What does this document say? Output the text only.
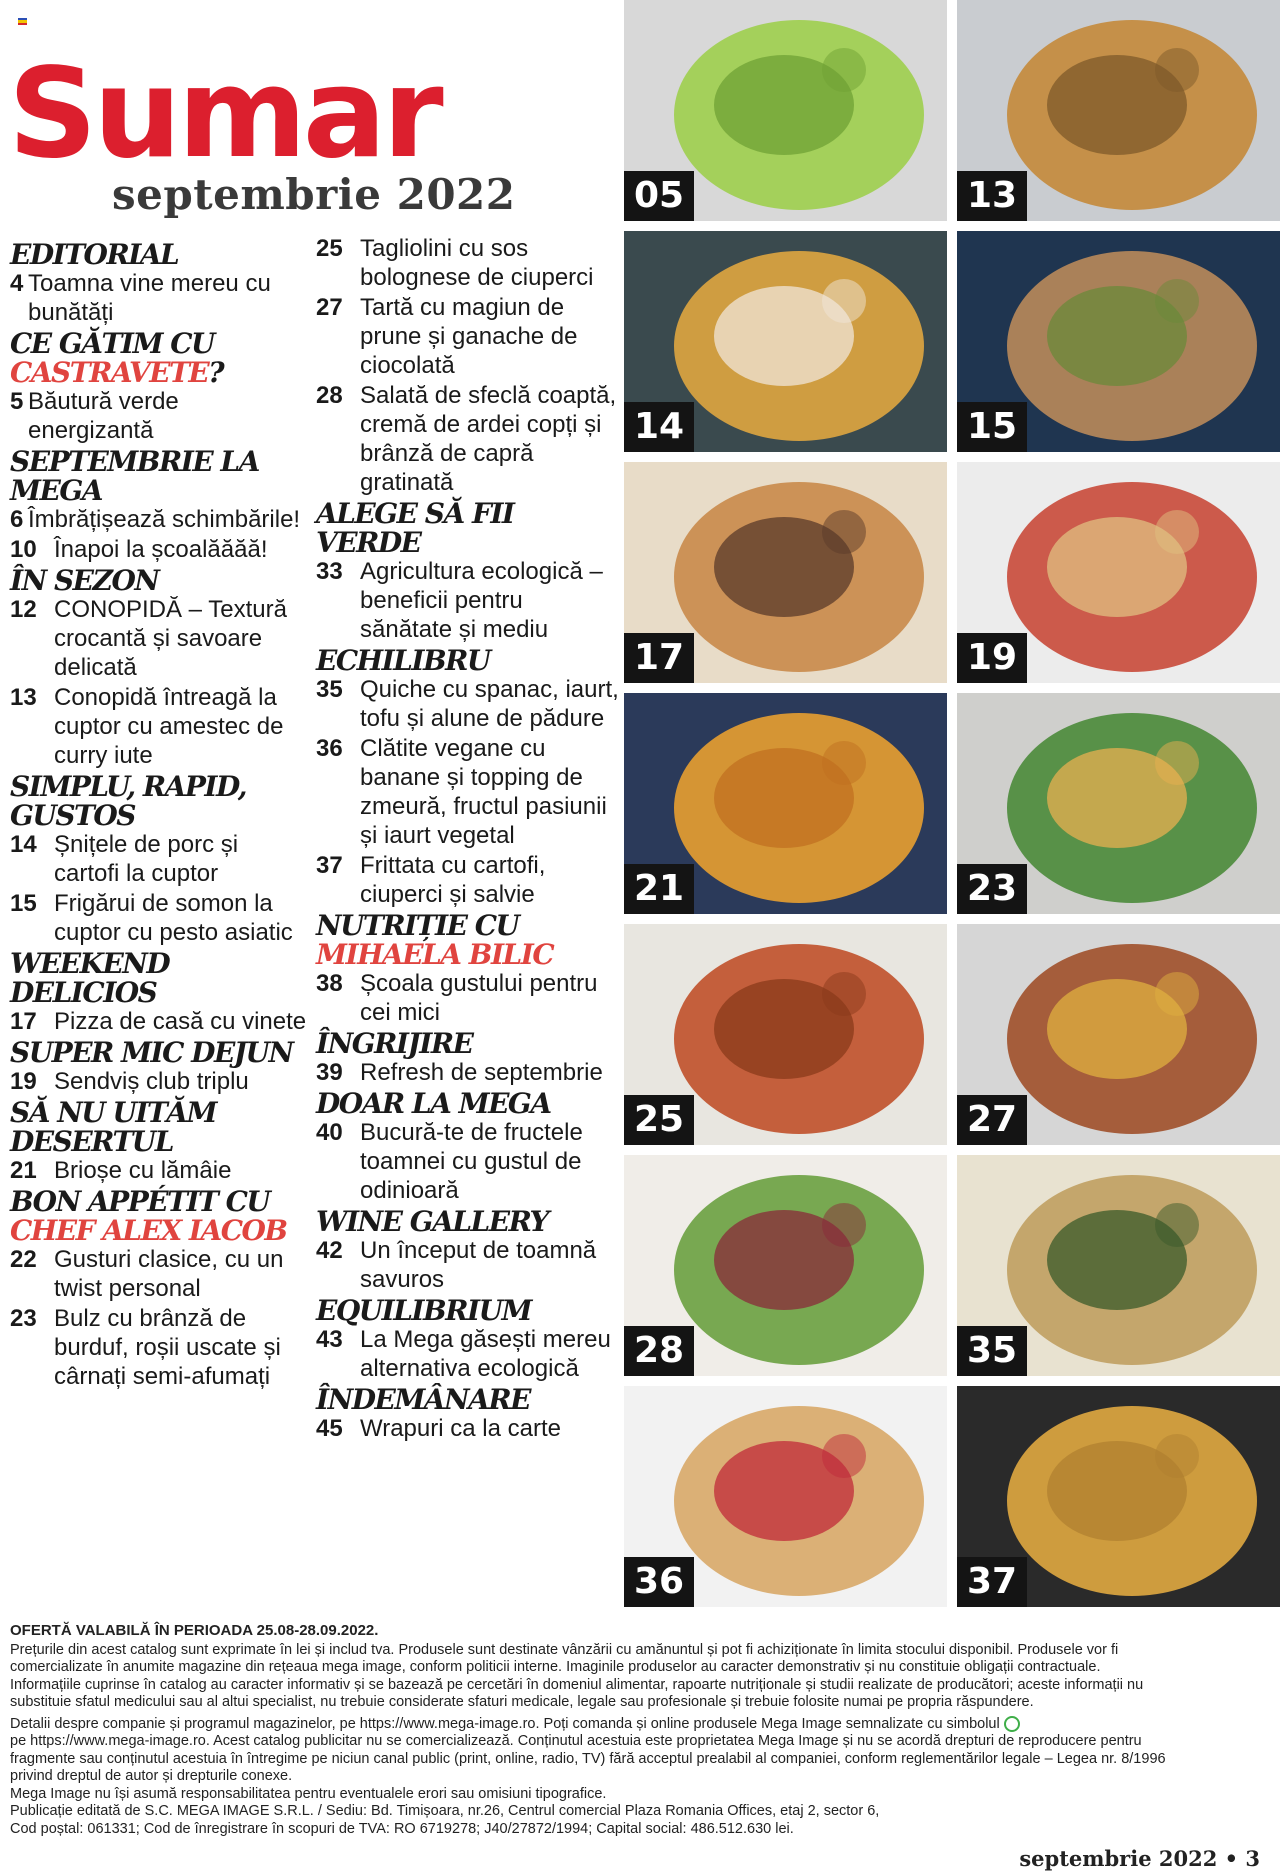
Sumar
septembrie 2022
EDITORIAL
4 Toamna vine mereu cu bunătăți
CE GĂTIM CU CASTRAVETE?
5 Băutură verde energizantă
SEPTEMBRIE LA MEGA
6 Îmbrățișează schimbările!
10 Înapoi la școalăăăă!
ÎN SEZON
12 CONOPIDĂ – Textură crocantă și savoare delicată
13 Conopidă întreagă la cuptor cu amestec de curry iute
SIMPLU, RAPID, GUSTOS
14 Șnițele de porc și cartofi la cuptor
15 Frigărui de somon la cuptor cu pesto asiatic
WEEKEND DELICIOS
17 Pizza de casă cu vinete
SUPER MIC DEJUN
19 Sendviș club triplu
SĂ NU UITĂM DESERTUL
21 Brioșe cu lămâie
BON APPÉTIT CU CHEF ALEX IACOB
22 Gusturi clasice, cu un twist personal
23 Bulz cu brânză de burduf, roșii uscate și cârnați semi-afumați
25 Tagliolini cu sos bolognese de ciuperci
27 Tartă cu magiun de prune și ganache de ciocolată
28 Salată de sfeclă coaptă, cremă de ardei copți și brânză de capră gratinată
ALEGE SĂ FII VERDE
33 Agricultura ecologică – beneficii pentru sănătate și mediu
ECHILIBRU
35 Quiche cu spanac, iaurt, tofu și alune de pădure
36 Clătite vegane cu banane și topping de zmeură, fructul pasiunii și iaurt vegetal
37 Frittata cu cartofi, ciuperci și salvie
NUTRIȚIE CU MIHAELA BILIC
38 Școala gustului pentru cei mici
ÎNGRIJIRE
39 Refresh de septembrie
DOAR LA MEGA
40 Bucură-te de fructele toamnei cu gustul de odinioară
WINE GALLERY
42 Un început de toamnă savuros
EQUILIBRIUM
43 La Mega găsești mereu alternativa ecologică
ÎNDEMÂNARE
45 Wrapuri ca la carte
05	13
14	15
17	19
21	23
25	27
28	35
36	37

OFERTĂ VALABILĂ ÎN PERIOADA 25.08-28.09.2022.

Prețurile din acest catalog sunt exprimate în lei și includ tva. Produsele sunt destinate vânzării cu amănuntul și pot fi achiziționate în limita stocului disponibil. Produsele vor fi comercializate în anumite magazine din rețeaua mega image, conform politicii interne. Imaginile produselor au caracter demonstrativ și nu constituie obligații contractuale. Informațiile cuprinse în catalog au caracter informativ și se bazează pe cercetări în domeniul alimentar, rapoarte nutriționale și studii realizate de producători; aceste informații nu substituie sfatul medicului sau al altui specialist, nu trebuie considerate sfaturi medicale, legale sau profesionale și trebuie folosite numai pe propria răspundere.

Detalii despre companie și programul magazinelor, pe https://www.mega-image.ro. Poți comanda și online produsele Mega Image semnalizate cu simbolul

pe https://www.mega-image.ro. Acest catalog publicitar nu se comercializează. Conținutul acestuia este proprietatea Mega Image și nu se acordă drepturi de reproducere pentru fragmente sau conținutul acestuia în întregime pe niciun canal public (print, online, radio, TV) fără acceptul prealabil al companiei, conform reglementărilor legale – Legea nr. 8/1996 privind dreptul de autor și drepturile conexe.

Mega Image nu își asumă responsabilitatea pentru eventualele erori sau omisiuni tipografice.

Publicație editată de S.C. MEGA IMAGE S.R.L. / Sediu: Bd. Timișoara, nr.26, Centrul comercial Plaza Romania Offices, etaj 2, sector 6,

Cod poștal: 061331; Cod de înregistrare în scopuri de TVA: RO 6719278; J40/27872/1994; Capital social: 486.512.630 lei.

septembrie 2022 • 3
